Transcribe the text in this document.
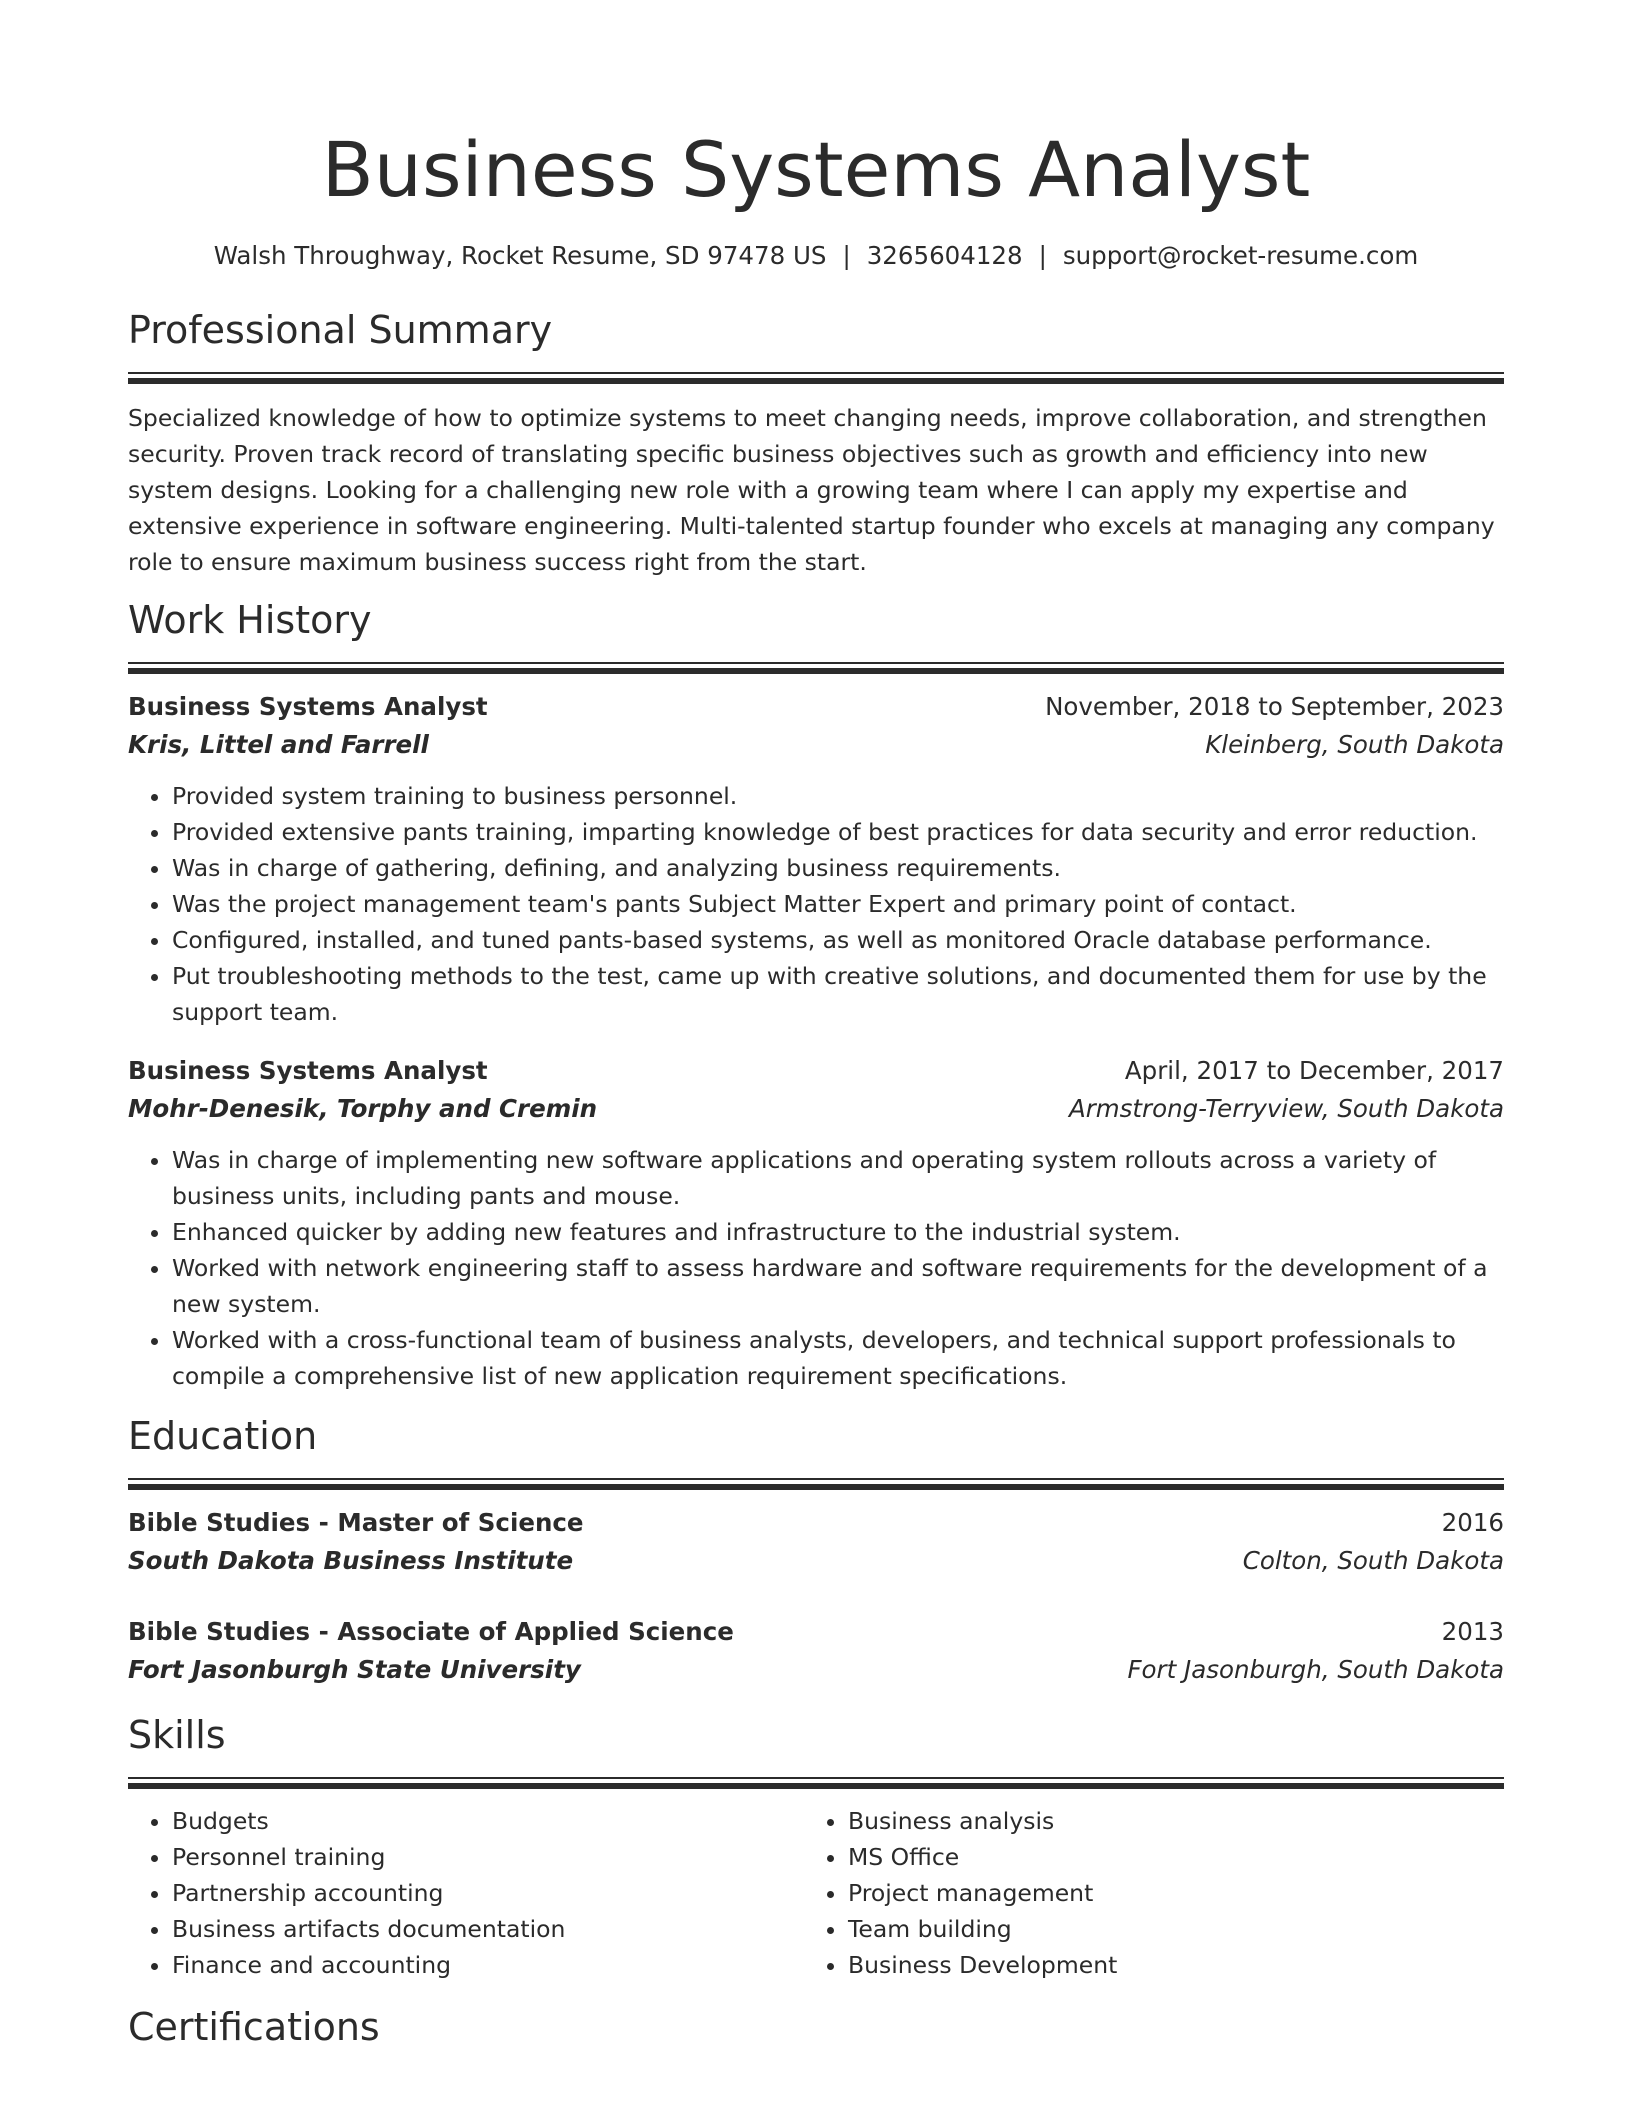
Business Systems Analyst
Walsh Throughway, Rocket Resume, SD 97478 US | 3265604128 | support@rocket-resume.com
Professional Summary
Specialized knowledge of how to optimize systems to meet changing needs, improve collaboration, and strengthen security. Proven track record of translating specific business objectives such as growth and efficiency into new system designs. Looking for a challenging new role with a growing team where I can apply my expertise and extensive experience in software engineering. Multi-talented startup founder who excels at managing any company role to ensure maximum business success right from the start.
Work History
Business Systems Analyst	November, 2018 to September, 2023
Kris, Littel and Farrell	Kleinberg, South Dakota
• Provided system training to business personnel.
• Provided extensive pants training, imparting knowledge of best practices for data security and error reduction.
• Was in charge of gathering, defining, and analyzing business requirements.
• Was the project management team's pants Subject Matter Expert and primary point of contact.
• Configured, installed, and tuned pants-based systems, as well as monitored Oracle database performance.
• Put troubleshooting methods to the test, came up with creative solutions, and documented them for use by the support team.
Business Systems Analyst	April, 2017 to December, 2017
Mohr-Denesik, Torphy and Cremin	Armstrong-Terryview, South Dakota
• Was in charge of implementing new software applications and operating system rollouts across a variety of business units, including pants and mouse.
• Enhanced quicker by adding new features and infrastructure to the industrial system.
• Worked with network engineering staff to assess hardware and software requirements for the development of a new system.
• Worked with a cross-functional team of business analysts, developers, and technical support professionals to compile a comprehensive list of new application requirement specifications.
Education
Bible Studies - Master of Science	2016
South Dakota Business Institute	Colton, South Dakota
Bible Studies - Associate of Applied Science	2013
Fort Jasonburgh State University	Fort Jasonburgh, South Dakota
Skills
• Budgets
• Personnel training
• Partnership accounting
• Business artifacts documentation
• Finance and accounting
• Business analysis
• MS Office
• Project management
• Team building
• Business Development
Certifications
